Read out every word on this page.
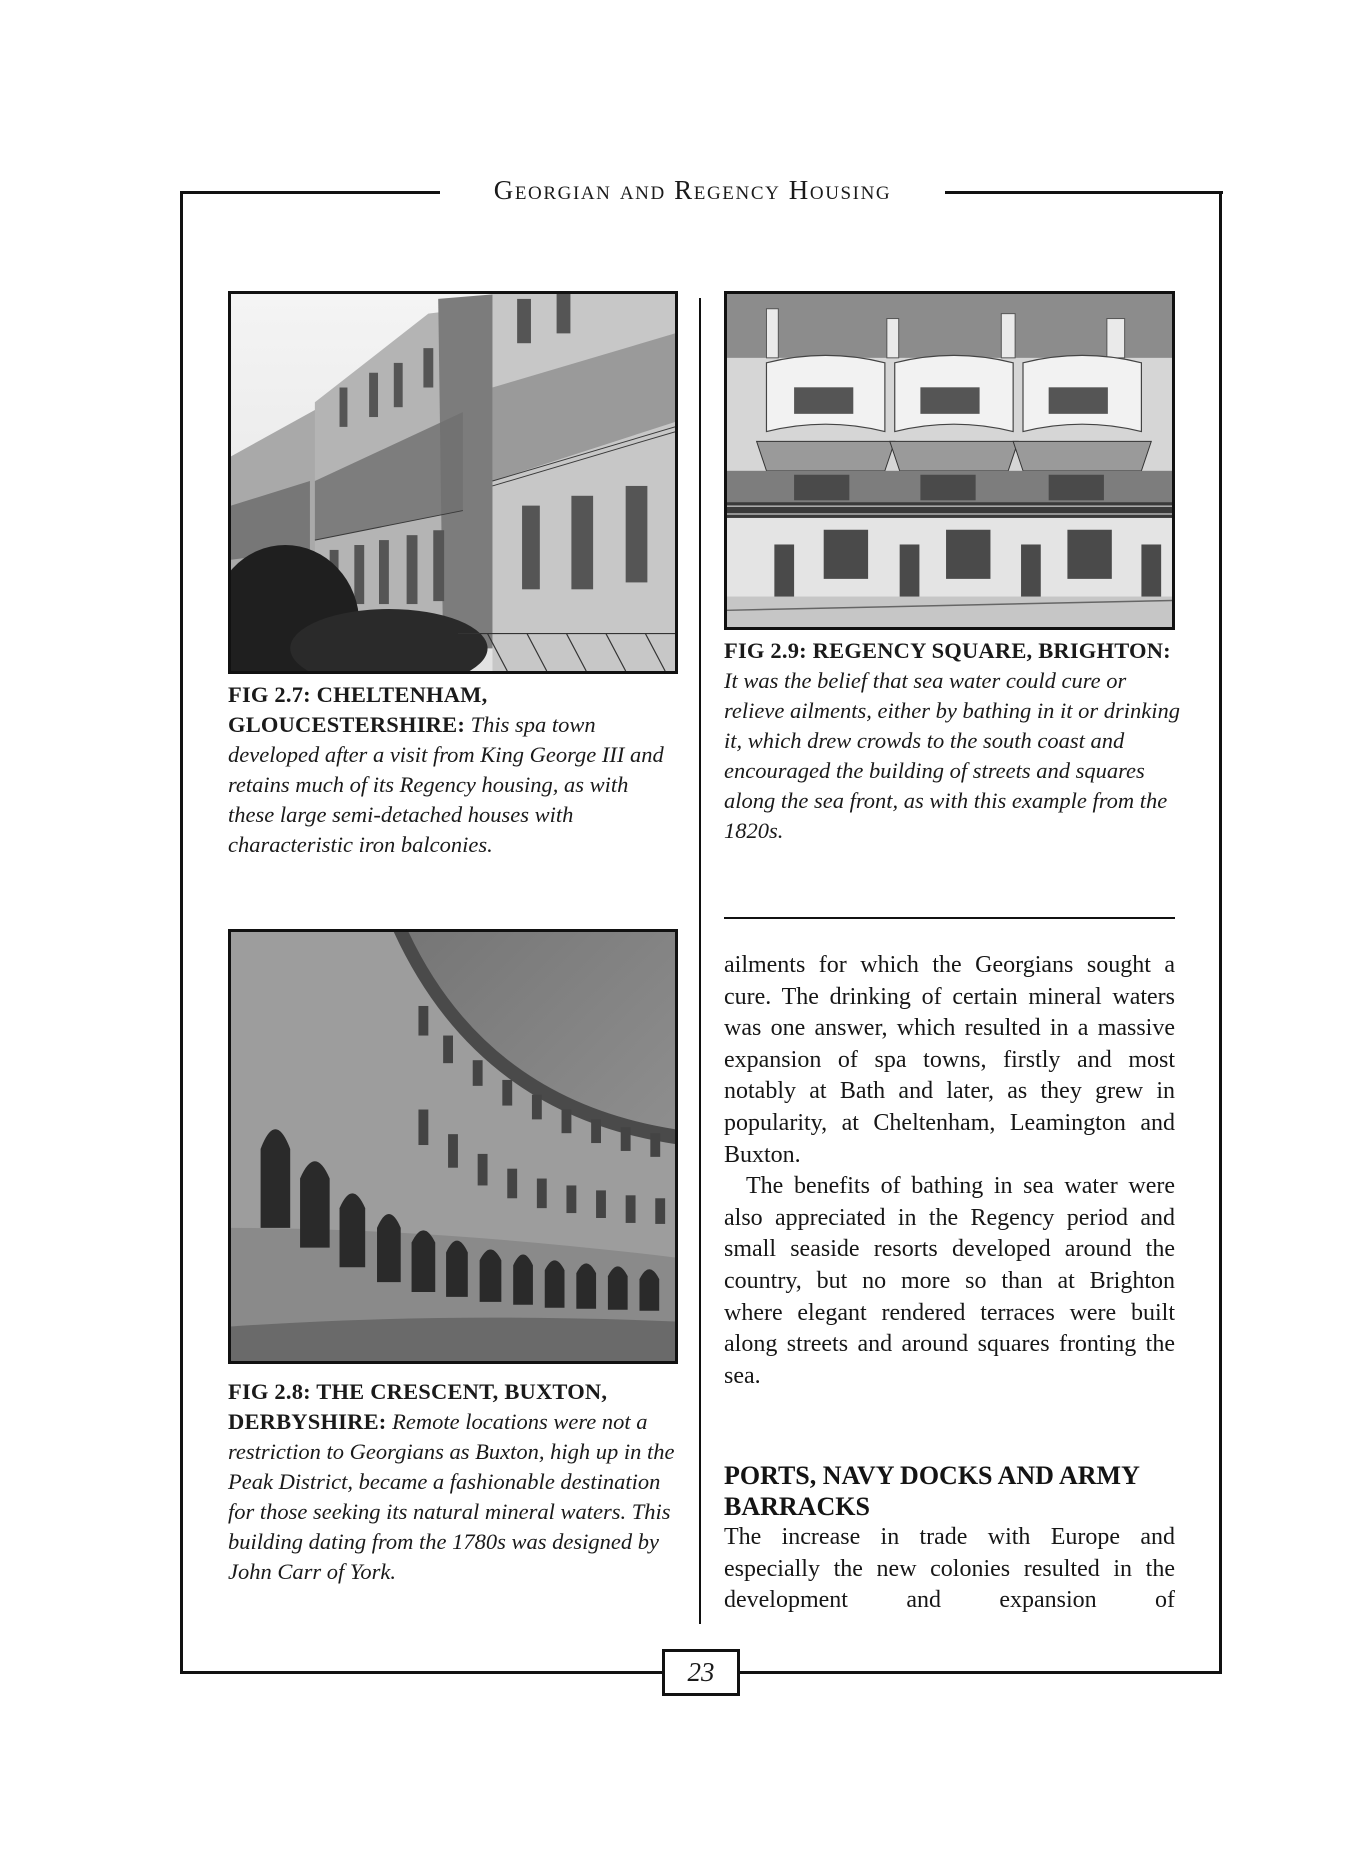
Georgian and Regency Housing
FIG 2.7: CHELTENHAM, GLOUCESTERSHIRE: This spa town developed after a visit from King George III and retains much of its Regency housing, as with these large semi-detached houses with characteristic iron balconies.
FIG 2.8: THE CRESCENT, BUXTON, DERBYSHIRE: Remote locations were not a restriction to Georgians as Buxton, high up in the Peak District, became a fashionable destination for those seeking its natural mineral waters. This building dating from the 1780s was designed by John Carr of York.
FIG 2.9: REGENCY SQUARE, BRIGHTON: It was the belief that sea water could cure or relieve ailments, either by bathing in it or drinking it, which drew crowds to the south coast and encouraged the building of streets and squares along the sea front, as with this example from the 1820s.

ailments for which the Georgians sought a cure. The drinking of certain mineral waters was one answer, which resulted in a massive expansion of spa towns, firstly and most notably at Bath and later, as they grew in popularity, at Cheltenham, Leamington and Buxton.

The benefits of bathing in sea water were also appreciated in the Regency period and small seaside resorts developed around the country, but no more so than at Brighton where elegant rendered terraces were built along streets and around squares fronting the sea.

PORTS, NAVY DOCKS AND ARMY BARRACKS

The increase in trade with Europe and especially the new colonies resulted in the development and expansion of

23
